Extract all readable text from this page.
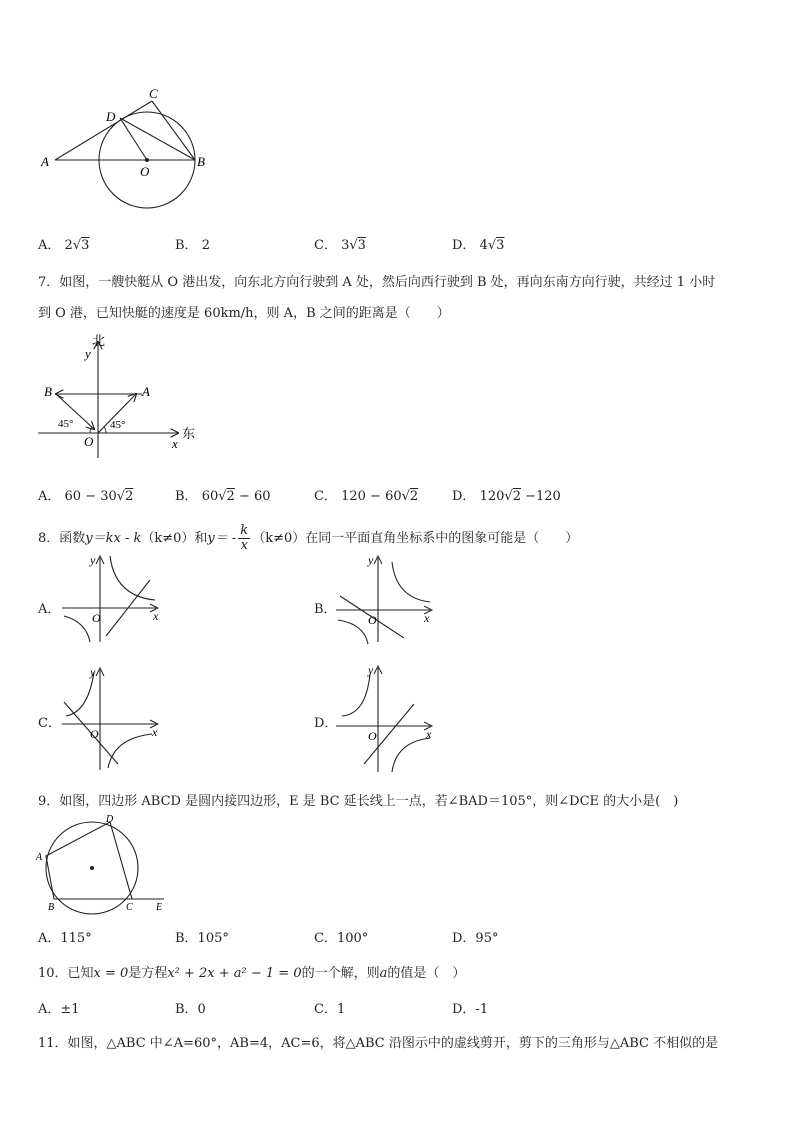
C
D
A
O
B
A． 2√3	B． 2	C． 3√3	D． 4√3
7．如图，一艘快艇从 O 港出发，向东北方向行驶到 A 处，然后向西行驶到 B 处，再向东南方向行驶，共经过 1 小时
到 O 港，已知快艇的速度是 60km/h，则 A，B 之间的距离是（　　）
北
y
B	A
45°	45°
O
东
x
A． 60 − 30√2	B． 60√2 − 60	C． 120 − 60√2	D． 120√2 −120
8．函数y＝kx - k（k≠0）和$y= - \frac{k}{x} (k\ne 0)$在同一平面直角坐标系中的图象可能是（　　）
A．
y
x
O
B．
y
x
O
C．
y
x
O
D．
y
x
O
9．如图，四边形 ABCD 是圆内接四边形，E 是 BC 延长线上一点，若∠BAD＝105°，则∠DCE 的大小是(　)
A
D
B	C E
A．115°	B．105°	C．100°	D．95°
10．已知x = 0是方程x² + 2x + a² − 1 = 0的一个解，则a的值是（　）
A．±1	B．0	C．1	D．-1
11．如图，△ABC 中∠A=60°，AB=4，AC=6，将△ABC 沿图示中的虚线剪开，剪下的三角形与△ABC 不相似的是
